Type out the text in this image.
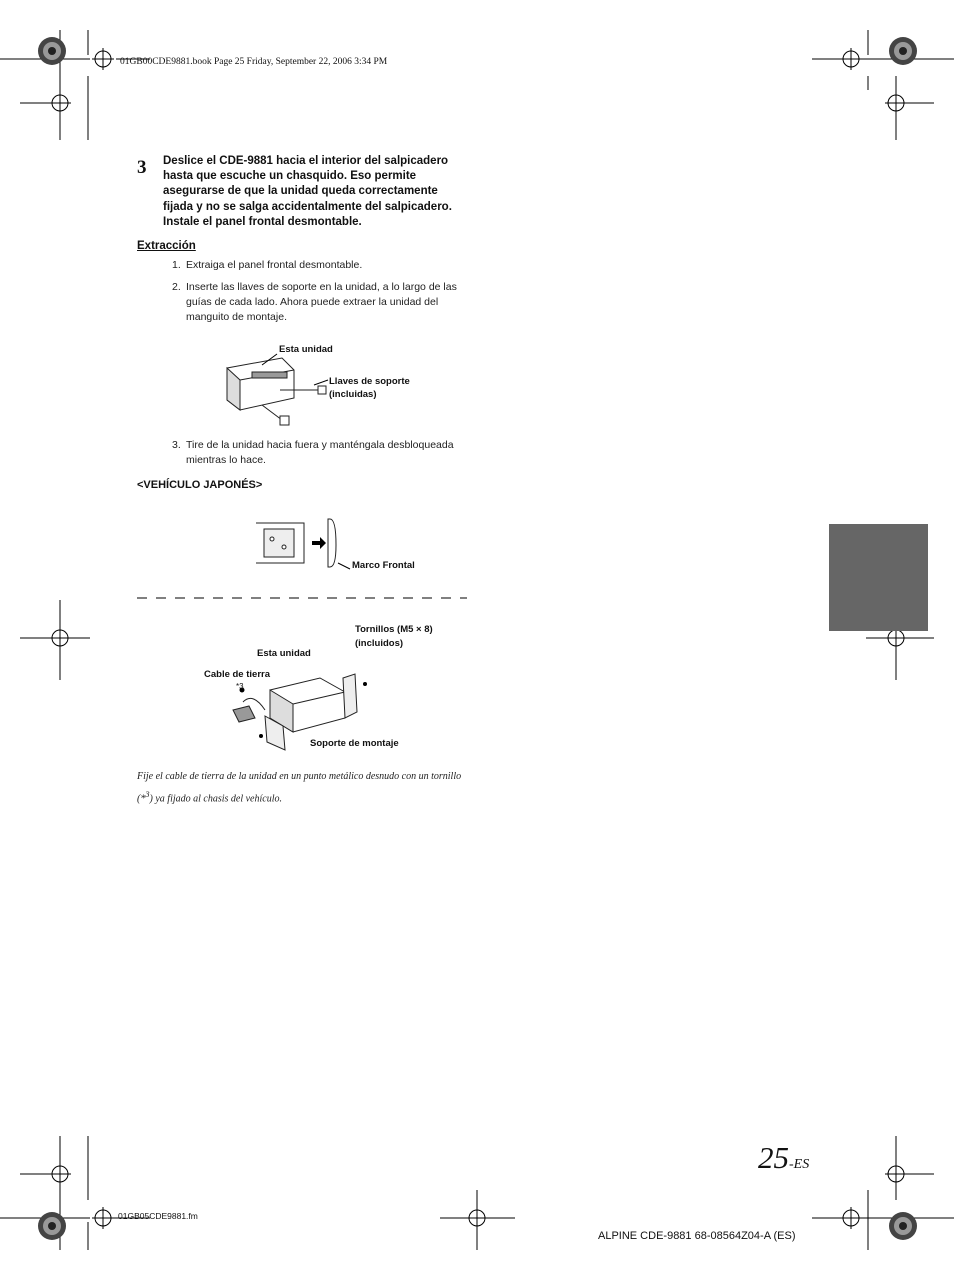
01GB00CDE9881.book Page 25 Friday, September 22, 2006 3:34 PM
3 Deslice el CDE-9881 hacia el interior del salpicadero hasta que escuche un chasquido. Eso permite asegurarse de que la unidad queda correctamente fijada y no se salga accidentalmente del salpicadero. Instale el panel frontal desmontable.
Extracción
1. Extraiga el panel frontal desmontable.
2. Inserte las llaves de soporte en la unidad, a lo largo de las guías de cada lado. Ahora puede extraer la unidad del manguito de montaje.
Esta unidad
Llaves de soporte
(incluidas)
3. Tire de la unidad hacia fuera y manténgala desbloqueada mientras lo hace.
<VEHÍCULO JAPONÉS>
Marco Frontal
Tornillos (M5 × 8)
(incluidos)
Esta unidad
Cable de tierra
*3
Soporte de montaje
Fije el cable de tierra de la unidad en un punto metálico desnudo con un tornillo (*$^3$) ya fijado al chasis del vehículo.
25-ES
01GB05CDE9881.fm
ALPINE CDE-9881 68-08564Z04-A (ES)
